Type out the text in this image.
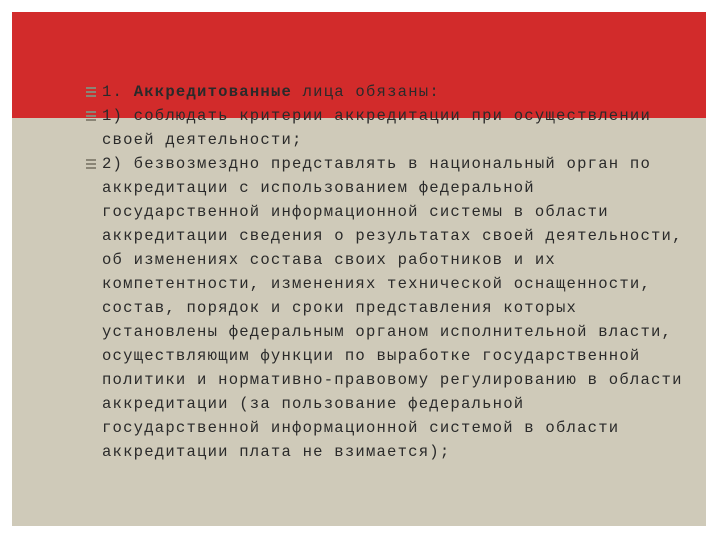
1. Аккредитованные лица обязаны:
1) соблюдать критерии аккредитации при осуществлении своей деятельности;
2) безвозмездно представлять в национальный орган по аккредитации с использованием федеральной государственной информационной системы в области аккредитации сведения о результатах своей деятельности, об изменениях состава своих работников и их компетентности, изменениях технической оснащенности, состав, порядок и сроки представления которых установлены федеральным органом исполнительной власти, осуществляющим функции по выработке государственной политики и нормативно-правовому регулированию в области аккредитации (за пользование федеральной государственной информационной системой в области аккредитации плата не взимается);
